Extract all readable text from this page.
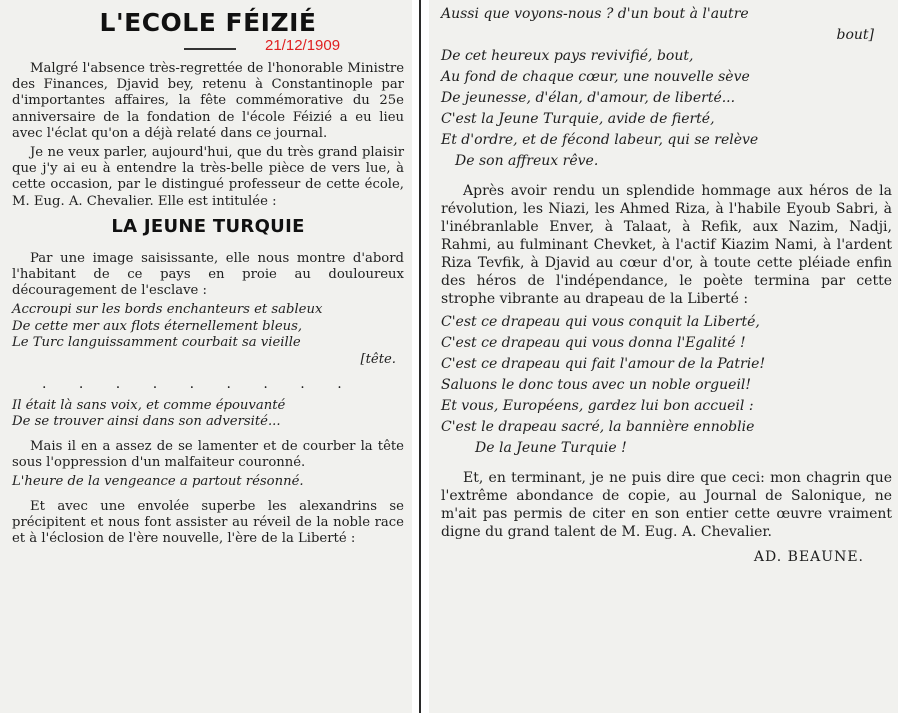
L'ECOLE FÉIZIÉ
21/12/1909

Malgré l'absence très-regrettée de l'honorable Ministre des Finances, Djavid bey, retenu à Constantinople par d'importantes affaires, la fête commémorative du 25e anniversaire de la fondation de l'école Féizié a eu lieu avec l'éclat qu'on a déjà relaté dans ce journal.

Je ne veux parler, aujourd'hui, que du très grand plaisir que j'y ai eu à entendre la très-belle pièce de vers lue, à cette occasion, par le distingué professeur de cette école, M. Eug. A. Chevalier. Elle est intitulée :

LA JEUNE TURQUIE

Par une image saisissante, elle nous montre d'abord l'habitant de ce pays en proie au douloureux découragement de l'esclave :

Accroupi sur les bords enchanteurs et sableux
De cette mer aux flots éternellement bleus,
Le Turc languissamment courbait sa vieille
[tête.
. . . . . . . . .
Il était là sans voix, et comme épouvanté
De se trouver ainsi dans son adversité...

Mais il en a assez de se lamenter et de courber la tête sous l'oppression d'un malfaiteur couronné.

L'heure de la vengeance a partout résonné.

Et avec une envolée superbe les alexandrins se précipitent et nous font assister au réveil de la noble race et à l'éclosion de l'ère nouvelle, l'ère de la Liberté :

Aussi que voyons-nous ? d'un bout à l'autre
bout]
De cet heureux pays revivifié, bout,
Au fond de chaque cœur, une nouvelle sève
De jeunesse, d'élan, d'amour, de liberté...
C'est la Jeune Turquie, avide de fierté,
Et d'ordre, et de fécond labeur, qui se relève
De son affreux rêve.

Après avoir rendu un splendide hommage aux héros de la révolution, les Niazi, les Ahmed Riza, à l'habile Eyoub Sabri, à l'inébranlable Enver, à Talaat, à Refik, aux Nazim, Nadji, Rahmi, au fulminant Chevket, à l'actif Kiazim Nami, à l'ardent Riza Tevfik, à Djavid au cœur d'or, à toute cette pléiade enfin des héros de l'indépendance, le poète termina par cette strophe vibrante au drapeau de la Liberté :

C'est ce drapeau qui vous conquit la Liberté,
C'est ce drapeau qui vous donna l'Egalité !
C'est ce drapeau qui fait l'amour de la Patrie!
Saluons le donc tous avec un noble orgueil!
Et vous, Européens, gardez lui bon accueil :
C'est le drapeau sacré, la bannière ennoblie
De la Jeune Turquie !

Et, en terminant, je ne puis dire que ceci: mon chagrin que l'extrême abondance de copie, au Journal de Salonique, ne m'ait pas permis de citer en son entier cette œuvre vraiment digne du grand talent de M. Eug. A. Chevalier.

AD. BEAUNE.
